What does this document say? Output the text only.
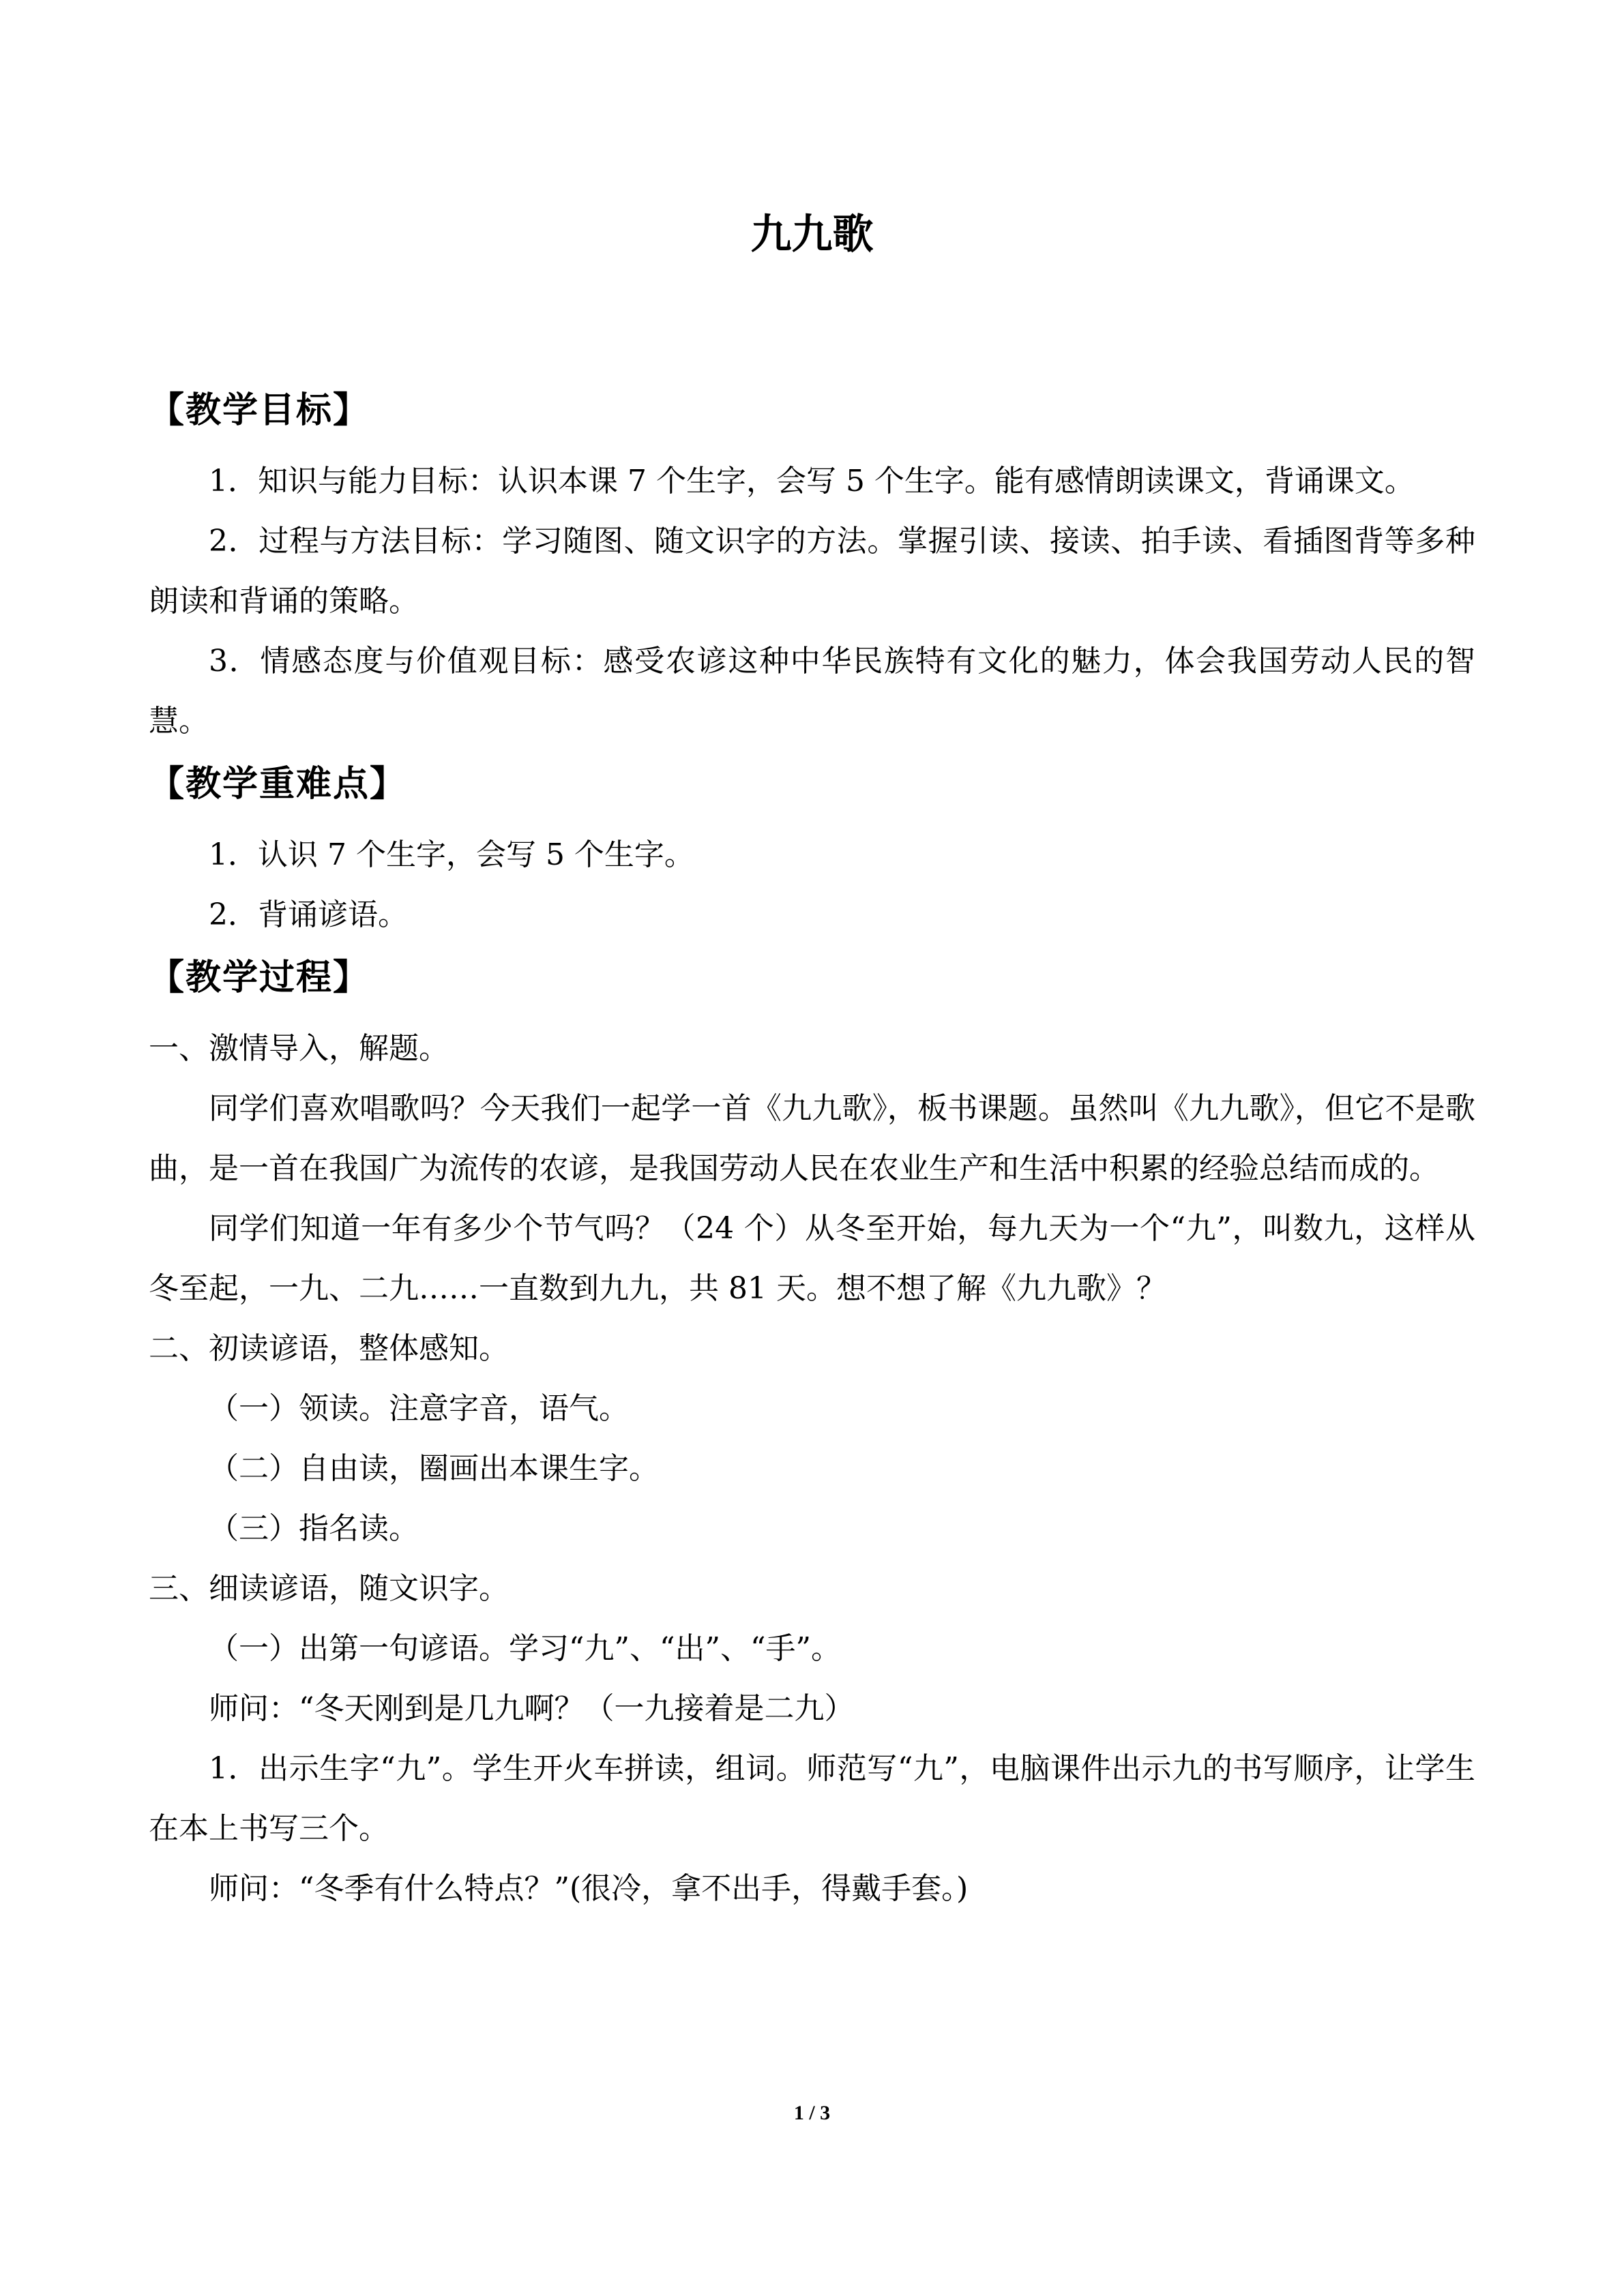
九九歌
【教学目标】

1．知识与能力目标：认识本课 7 个生字，会写 5 个生字。能有感情朗读课文，背诵课文。

2．过程与方法目标：学习随图、随文识字的方法。掌握引读、接读、拍手读、看插图背等多种朗读和背诵的策略。

3．情感态度与价值观目标：感受农谚这种中华民族特有文化的魅力，体会我国劳动人民的智慧。

【教学重难点】

1．认识 7 个生字，会写 5 个生字。

2．背诵谚语。

【教学过程】

一、激情导入，解题。

同学们喜欢唱歌吗？今天我们一起学一首《九九歌》，板书课题。虽然叫《九九歌》，但它不是歌曲，是一首在我国广为流传的农谚，是我国劳动人民在农业生产和生活中积累的经验总结而成的。

同学们知道一年有多少个节气吗？（24 个）从冬至开始，每九天为一个“九”，叫数九，这样从冬至起，一九、二九……一直数到九九，共 81 天。想不想了解《九九歌》？

二、初读谚语，整体感知。

（一）领读。注意字音，语气。

（二）自由读，圈画出本课生字。

（三）指名读。

三、细读谚语，随文识字。

（一）出第一句谚语。学习“九”、“出”、“手”。

师问：“冬天刚到是几九啊？（一九接着是二九）

1．出示生字“九”。学生开火车拼读，组词。师范写“九”，电脑课件出示九的书写顺序，让学生在本上书写三个。

师问：“冬季有什么特点？”(很冷，拿不出手，得戴手套。)

1 / 3
